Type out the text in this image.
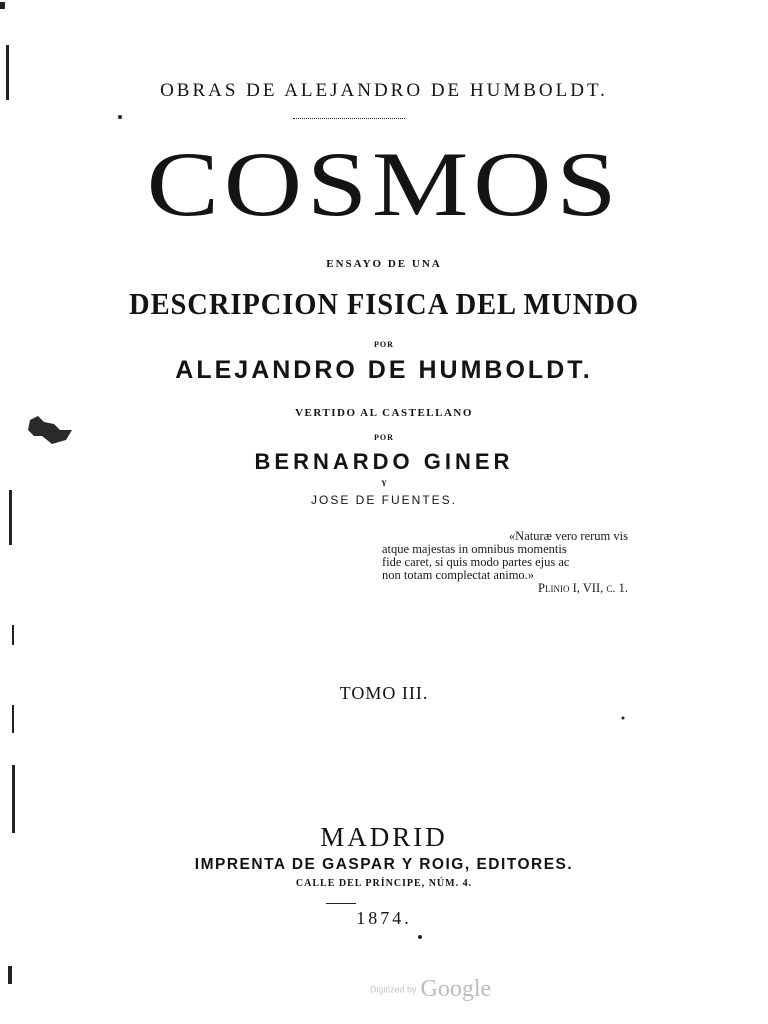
OBRAS DE ALEJANDRO DE HUMBOLDT.
COSMOS
ENSAYO DE UNA
DESCRIPCION FISICA DEL MUNDO
POR
ALEJANDRO DE HUMBOLDT.
VERTIDO AL CASTELLANO
POR
BERNARDO GINER
Y
JOSE DE FUENTES.
«Naturæ vero rerum vis
atque majestas in omnibus momentis
fide caret, si quis modo partes ejus ac
non totam complectat animo.»
Plinio I, VII, c. 1.
TOMO III.
MADRID
IMPRENTA DE GASPAR Y ROIG, EDITORES.
CALLE DEL PRÍNCIPE, NÚM. 4.
1874.
Digitized by Google
